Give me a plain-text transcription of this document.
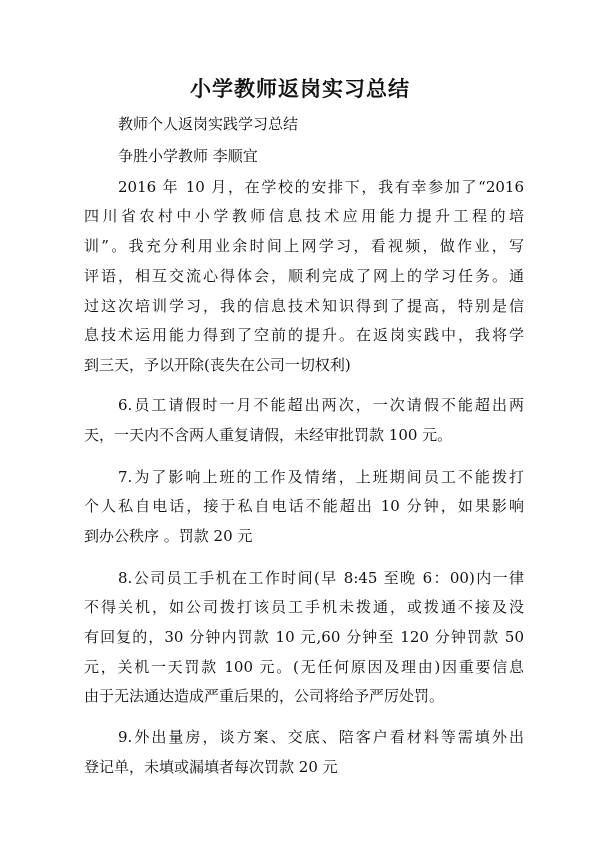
小学教师返岗实习总结

教师个人返岗实践学习总结

争胜小学教师 李顺宜

2016 年 10 月，在学校的安排下，我有幸参加了“2016

四川省农村中小学教师信息技术应用能力提升工程的培

训”。我充分利用业余时间上网学习，看视频，做作业，写

评语，相互交流心得体会，顺利完成了网上的学习任务。通

过这次培训学习，我的信息技术知识得到了提高，特别是信

息技术运用能力得到了空前的提升。在返岗实践中，我将学

到三天，予以开除(丧失在公司一切权利)

6.员工请假时一月不能超出两次，一次请假不能超出两

天，一天内不含两人重复请假，未经审批罚款 100 元。

7.为了影响上班的工作及情绪，上班期间员工不能拨打

个人私自电话，接于私自电话不能超出 10 分钟，如果影响

到办公秩序 。罚款 20 元

8.公司员工手机在工作时间(早 8:45 至晚 6：00)内一律

不得关机，如公司拨打该员工手机未拨通，或拨通不接及没

有回复的，30 分钟内罚款 10 元,60 分钟至 120 分钟罚款 50

元，关机一天罚款 100 元。(无任何原因及理由)因重要信息

由于无法通达造成严重后果的，公司将给予严厉处罚。

9.外出量房，谈方案、交底、陪客户看材料等需填外出

登记单，未填或漏填者每次罚款 20 元
